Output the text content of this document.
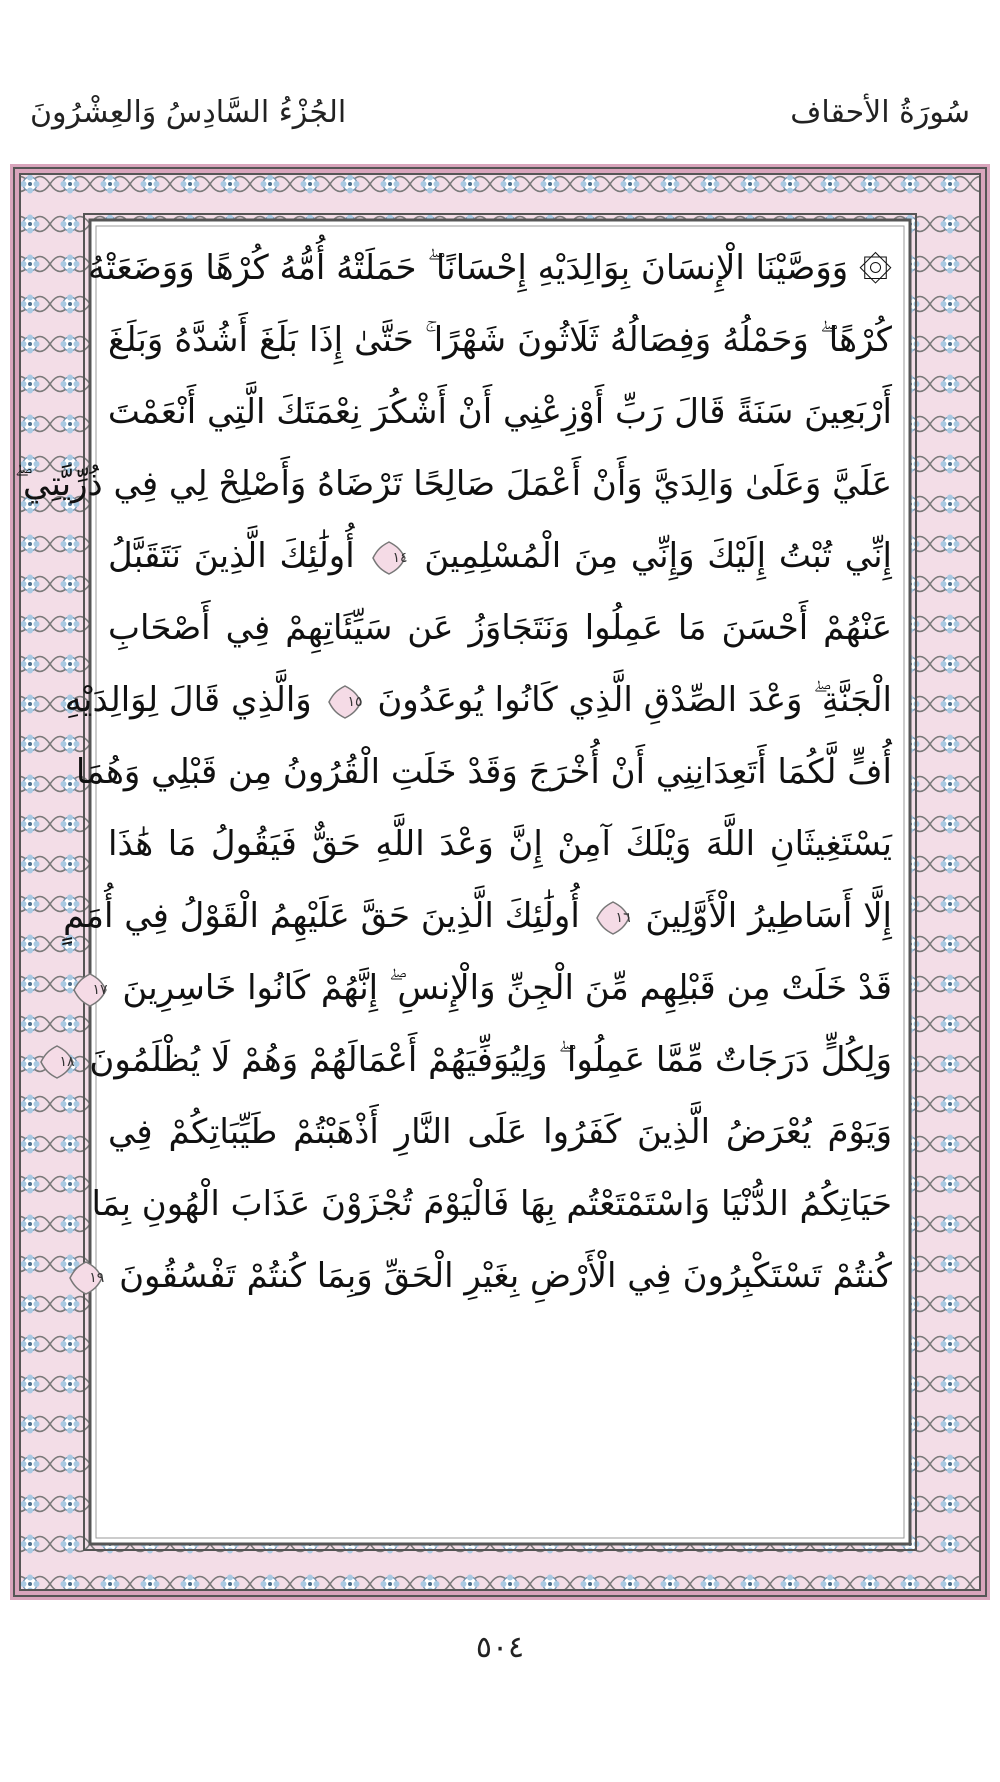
سُورَةُ الأحقاف
الجُزْءُ السَّادِسُ وَالعِشْرُونَ
۞ وَوَصَّيْنَا الْإِنسَانَ بِوَالِدَيْهِ إِحْسَانًا ۖ حَمَلَتْهُ أُمُّهُ كُرْهًا وَوَضَعَتْهُ
كُرْهًا ۖ وَحَمْلُهُ وَفِصَالُهُ ثَلَاثُونَ شَهْرًا ۚ حَتَّىٰ إِذَا بَلَغَ أَشُدَّهُ وَبَلَغَ
أَرْبَعِينَ سَنَةً قَالَ رَبِّ أَوْزِعْنِي أَنْ أَشْكُرَ نِعْمَتَكَ الَّتِي أَنْعَمْتَ
عَلَيَّ وَعَلَىٰ وَالِدَيَّ وَأَنْ أَعْمَلَ صَالِحًا تَرْضَاهُ وَأَصْلِحْ لِي فِي ذُرِّيَّتِي ۖ
إِنِّي تُبْتُ إِلَيْكَ وَإِنِّي مِنَ الْمُسْلِمِينَ
١٤
أُولَٰئِكَ الَّذِينَ نَتَقَبَّلُ
عَنْهُمْ أَحْسَنَ مَا عَمِلُوا وَنَتَجَاوَزُ عَن سَيِّئَاتِهِمْ فِي أَصْحَابِ
الْجَنَّةِ ۖ وَعْدَ الصِّدْقِ الَّذِي كَانُوا يُوعَدُونَ
١٥
وَالَّذِي قَالَ لِوَالِدَيْهِ
أُفٍّ لَّكُمَا أَتَعِدَانِنِي أَنْ أُخْرَجَ وَقَدْ خَلَتِ الْقُرُونُ مِن قَبْلِي وَهُمَا
يَسْتَغِيثَانِ اللَّهَ وَيْلَكَ آمِنْ إِنَّ وَعْدَ اللَّهِ حَقٌّ فَيَقُولُ مَا هَٰذَا
إِلَّا أَسَاطِيرُ الْأَوَّلِينَ
١٦
أُولَٰئِكَ الَّذِينَ حَقَّ عَلَيْهِمُ الْقَوْلُ فِي أُمَمٍ
قَدْ خَلَتْ مِن قَبْلِهِم مِّنَ الْجِنِّ وَالْإِنسِ ۖ إِنَّهُمْ كَانُوا خَاسِرِينَ
١٧
وَلِكُلٍّ دَرَجَاتٌ مِّمَّا عَمِلُوا ۖ وَلِيُوَفِّيَهُمْ أَعْمَالَهُمْ وَهُمْ لَا يُظْلَمُونَ
١٨
وَيَوْمَ يُعْرَضُ الَّذِينَ كَفَرُوا عَلَى النَّارِ أَذْهَبْتُمْ طَيِّبَاتِكُمْ فِي
حَيَاتِكُمُ الدُّنْيَا وَاسْتَمْتَعْتُم بِهَا فَالْيَوْمَ تُجْزَوْنَ عَذَابَ الْهُونِ بِمَا
كُنتُمْ تَسْتَكْبِرُونَ فِي الْأَرْضِ بِغَيْرِ الْحَقِّ وَبِمَا كُنتُمْ تَفْسُقُونَ
١٩
٥٠٤
